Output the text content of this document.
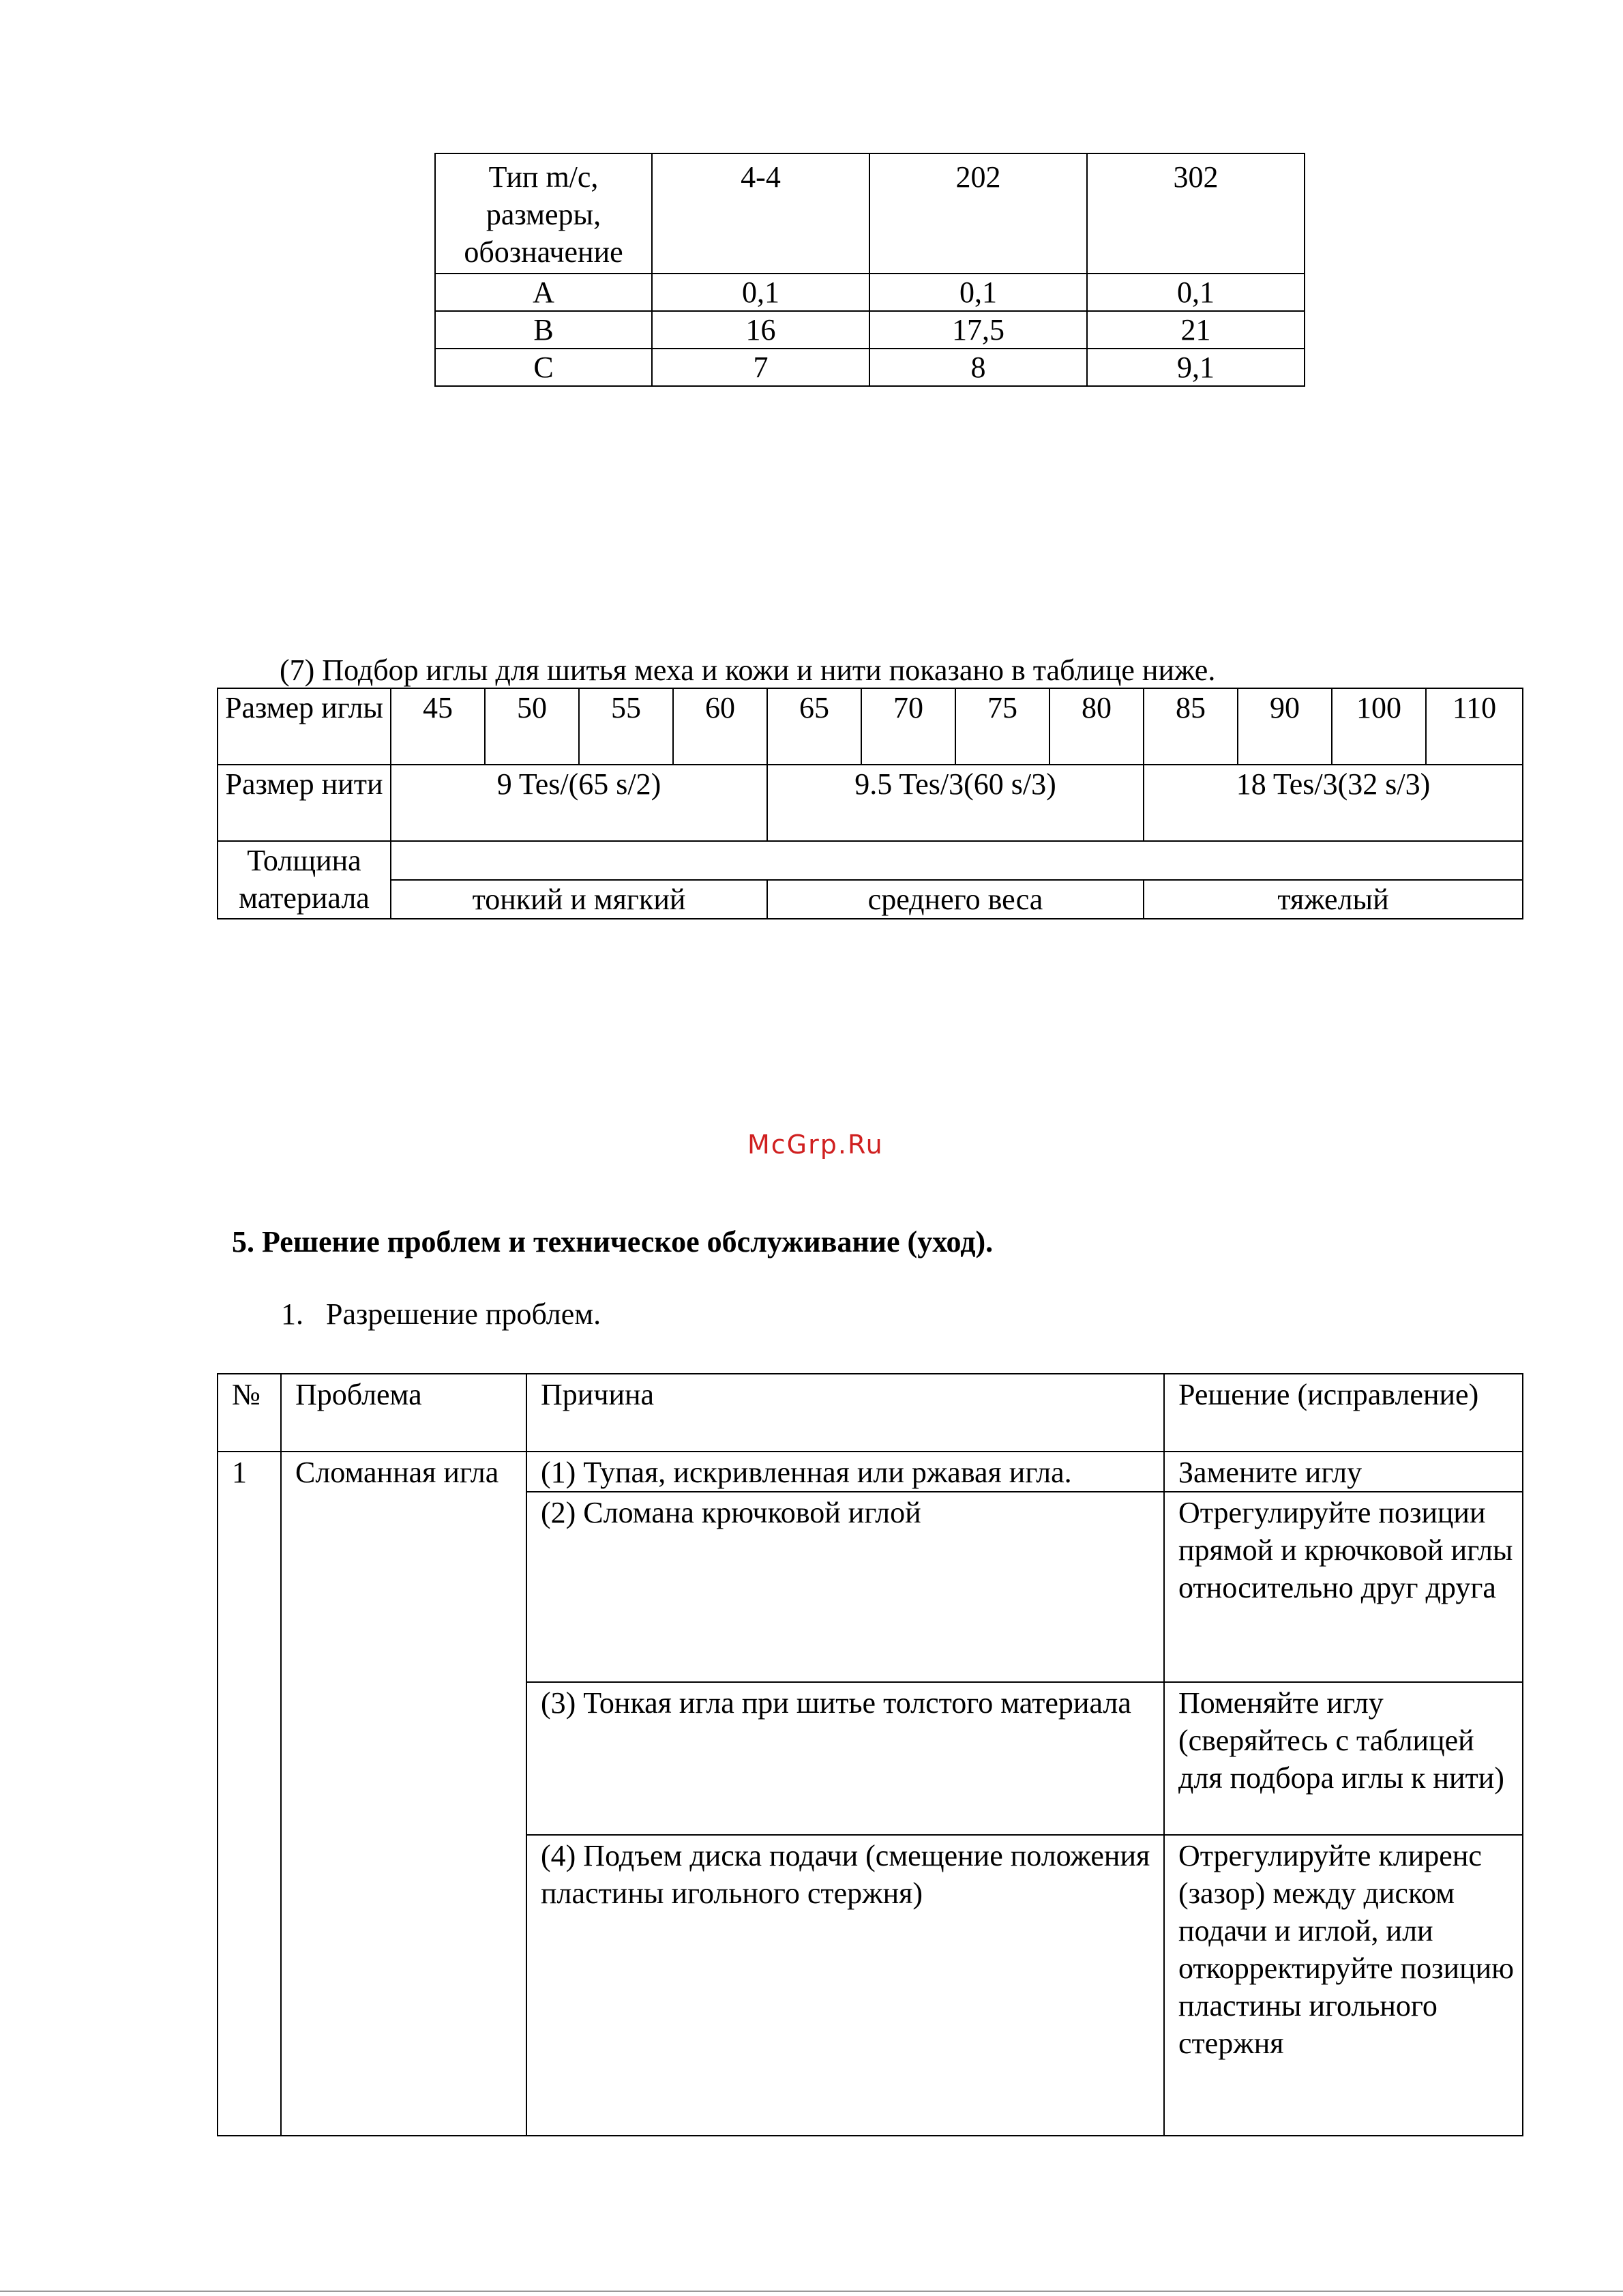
Тип m/c,
размеры,
обозначение	4-4	202	302
A	0,1	0,1	0,1
B	16	17,5	21
C	7	8	9,1
(7) Подбор иглы для шитья меха и кожи и нити показано в таблице ниже.
Размер иглы	45	50	55	60	65	70	75	80	85	90	100	110
Размер нити	9 Tes/(65 s/2)				9.5 Tes/3(60 s/3)				18 Tes/3(32 s/3)			
Толщина материала												
	тонкий и мягкий				среднего веса				тяжелый			
McGrp.Ru
5. Решение проблем и техническое обслуживание (уход).
1.   Разрешение проблем.
№	Проблема	Причина	Решение (исправление)
1	Сломанная игла	(1) Тупая, искривленная или ржавая игла.	Замените иглу
		(2) Сломана крючковой иглой	Отрегулируйте позиции прямой и крючковой иглы относительно друг друга
		(3) Тонкая игла при шитье толстого материала	Поменяйте иглу (сверяйтесь с таблицей для подбора иглы к нити)
		(4) Подъем диска подачи (смещение положения пластины игольного стержня)	Отрегулируйте клиренс (зазор) между диском подачи и иглой, или откорректируйте позицию пластины игольного стержня
